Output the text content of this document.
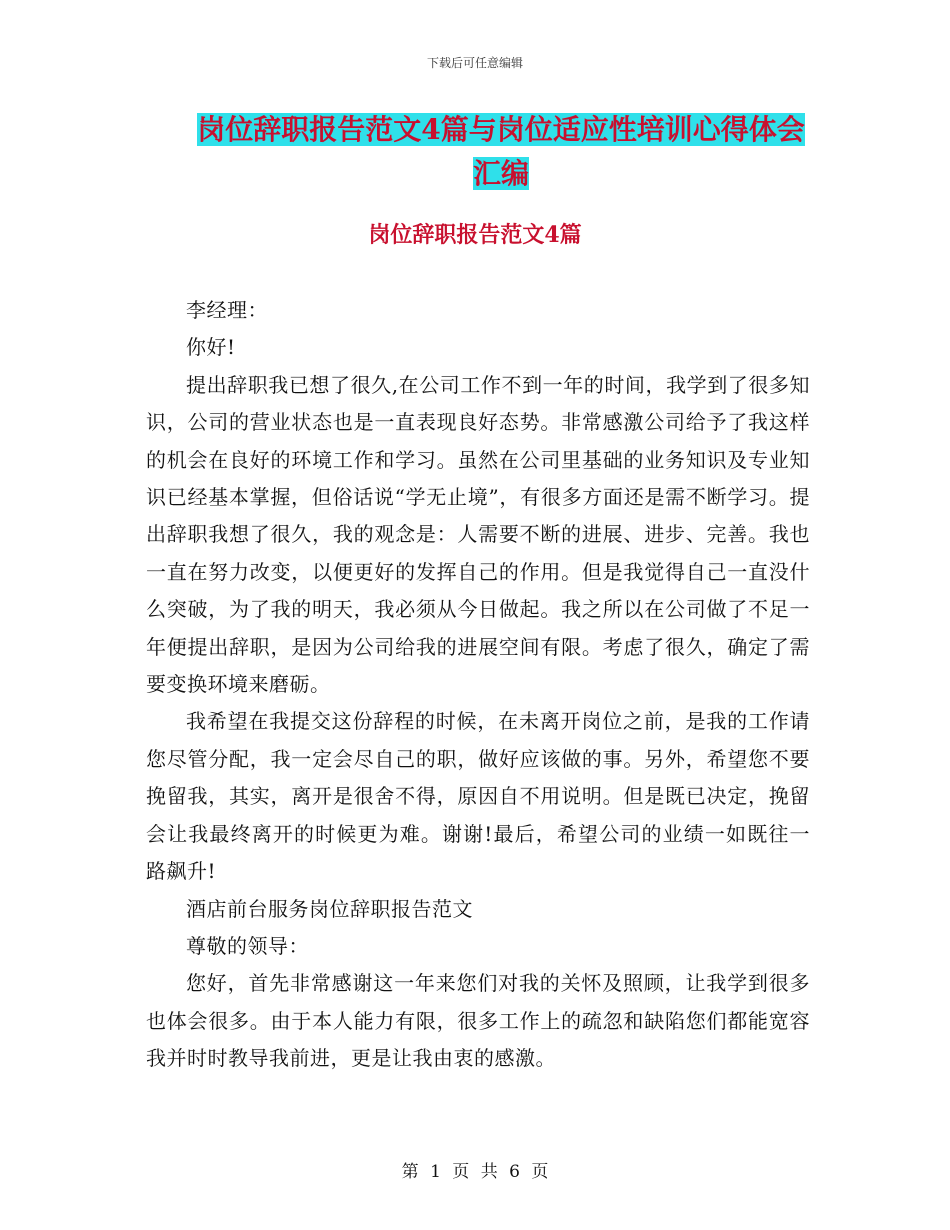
下载后可任意编辑
岗位辞职报告范文4篇与岗位适应性培训心得体会汇编
岗位辞职报告范文4篇

李经理：

你好!

提出辞职我已想了很久,在公司工作不到一年的时间，我学到了很多知识，公司的营业状态也是一直表现良好态势。非常感激公司给予了我这样的机会在良好的环境工作和学习。虽然在公司里基础的业务知识及专业知识已经基本掌握，但俗话说“学无止境”，有很多方面还是需不断学习。提出辞职我想了很久，我的观念是：人需要不断的进展、进步、完善。我也一直在努力改变，以便更好的发挥自己的作用。但是我觉得自己一直没什么突破，为了我的明天，我必须从今日做起。我之所以在公司做了不足一年便提出辞职，是因为公司给我的进展空间有限。考虑了很久，确定了需要变换环境来磨砺。

我希望在我提交这份辞程的时候，在未离开岗位之前，是我的工作请您尽管分配，我一定会尽自己的职，做好应该做的事。另外，希望您不要挽留我，其实，离开是很舍不得，原因自不用说明。但是既已决定，挽留会让我最终离开的时候更为难。谢谢!最后，希望公司的业绩一如既往一路飙升!

酒店前台服务岗位辞职报告范文

尊敬的领导：

您好，首先非常感谢这一年来您们对我的关怀及照顾，让我学到很多也体会很多。由于本人能力有限，很多工作上的疏忽和缺陷您们都能宽容我并时时教导我前进，更是让我由衷的感激。

第 1 页 共 6 页
